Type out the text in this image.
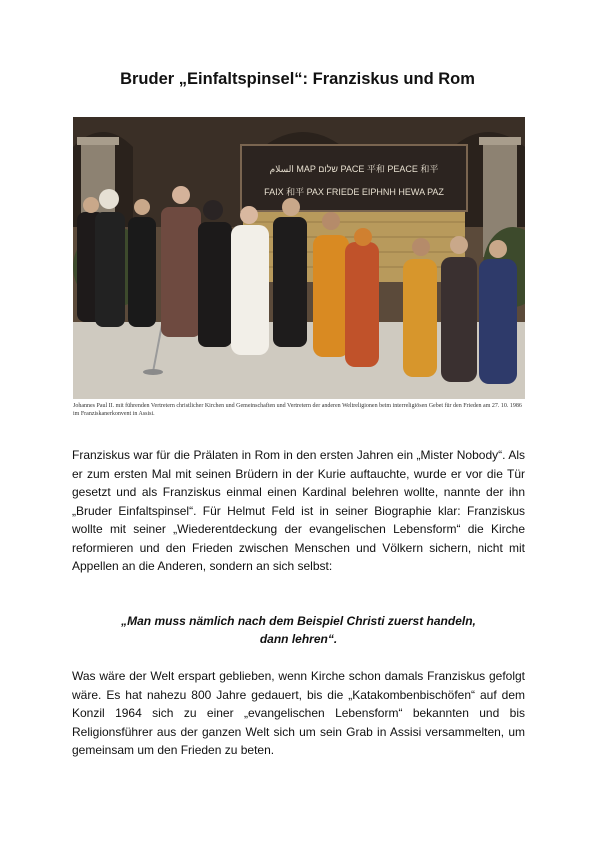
Bruder „Einfaltspinsel“: Franziskus und Rom
السلام MAP שלום PACE 平和 PEACE 和平
FAIX 和平 PAX FRIEDE ΕΙΡΗΝΗ HEWA PAZ
Johannes Paul II. mit führenden Vertretern christlicher Kirchen und Gemeinschaften und Vertretern der anderen Weltreligionen beim interreligiösen Gebet für den Frieden am 27. 10. 1986 im Franziskanerkonvent in Assisi.
Franziskus war für die Prälaten in Rom in den ersten Jahren ein „Mister Nobody“. Als er zum ersten Mal mit seinen Brüdern in der Kurie auftauchte, wurde er vor die Tür gesetzt und als Franziskus einmal einen Kardinal belehren wollte, nannte der ihn „Bruder Einfaltspinsel“. Für Helmut Feld ist in seiner Biographie klar: Franziskus wollte mit seiner „Wiederentdeckung der evangelischen Lebensform“ die Kirche reformieren und den Frieden zwischen Menschen und Völkern sichern, nicht mit Appellen an die Anderen, sondern an sich selbst:
„Man muss nämlich nach dem Beispiel Christi zuerst handeln,
dann lehren“.
Was wäre der Welt erspart geblieben, wenn Kirche schon damals Franziskus gefolgt wäre. Es hat nahezu 800 Jahre gedauert, bis die „Katakombenbischöfen“ auf dem Konzil 1964 sich zu einer „evangelischen Lebensform“ bekannten und bis Religionsführer aus der ganzen Welt sich um sein Grab in Assisi versammelten, um gemeinsam um den Frieden zu beten.
